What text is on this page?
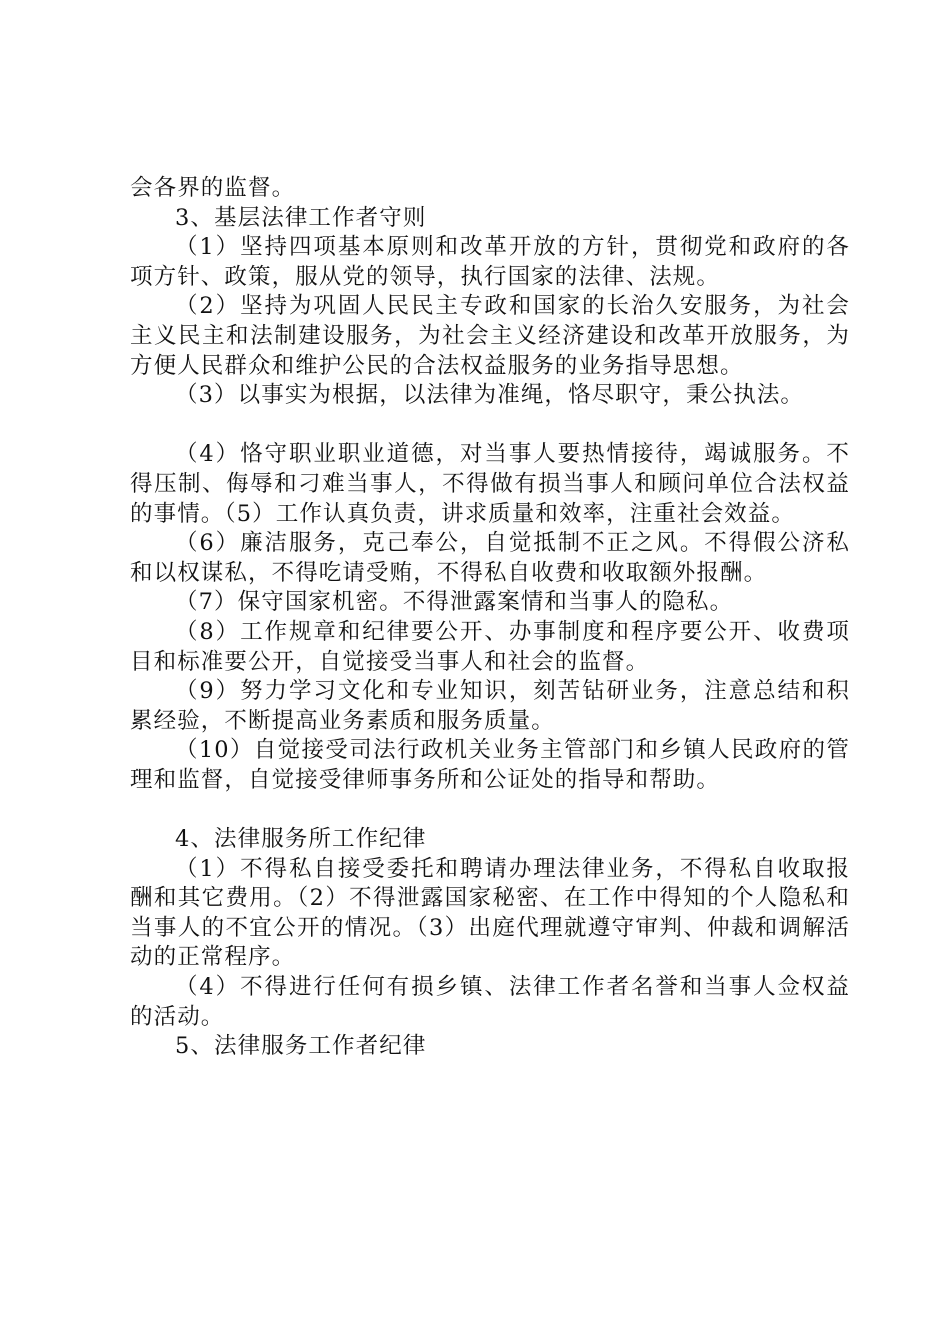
会各界的监督。

3、基层法律工作者守则

（1）坚持四项基本原则和改革开放的方针，贯彻党和政府的各项方针、政策，服从党的领导，执行国家的法律、法规。

（2）坚持为巩固人民民主专政和国家的长治久安服务，为社会主义民主和法制建设服务，为社会主义经济建设和改革开放服务，为方便人民群众和维护公民的合法权益服务的业务指导思想。

（3）以事实为根据，以法律为准绳，恪尽职守，秉公执法。

（4）恪守职业职业道德，对当事人要热情接待，竭诚服务。不得压制、侮辱和刁难当事人，不得做有损当事人和顾问单位合法权益的事情。（5）工作认真负责，讲求质量和效率，注重社会效益。

（6）廉洁服务，克己奉公，自觉抵制不正之风。不得假公济私和以权谋私，不得吃请受贿，不得私自收费和收取额外报酬。

（7）保守国家机密。不得泄露案情和当事人的隐私。

（8）工作规章和纪律要公开、办事制度和程序要公开、收费项目和标准要公开，自觉接受当事人和社会的监督。

（9）努力学习文化和专业知识，刻苦钻研业务，注意总结和积累经验，不断提高业务素质和服务质量。

（10）自觉接受司法行政机关业务主管部门和乡镇人民政府的管理和监督，自觉接受律师事务所和公证处的指导和帮助。

4、法律服务所工作纪律

（1）不得私自接受委托和聘请办理法律业务，不得私自收取报酬和其它费用。（2）不得泄露国家秘密、在工作中得知的个人隐私和当事人的不宜公开的情况。（3）出庭代理就遵守审判、仲裁和调解活动的正常程序。

（4）不得进行任何有损乡镇、法律工作者名誉和当事人佥权益的活动。

5、法律服务工作者纪律
